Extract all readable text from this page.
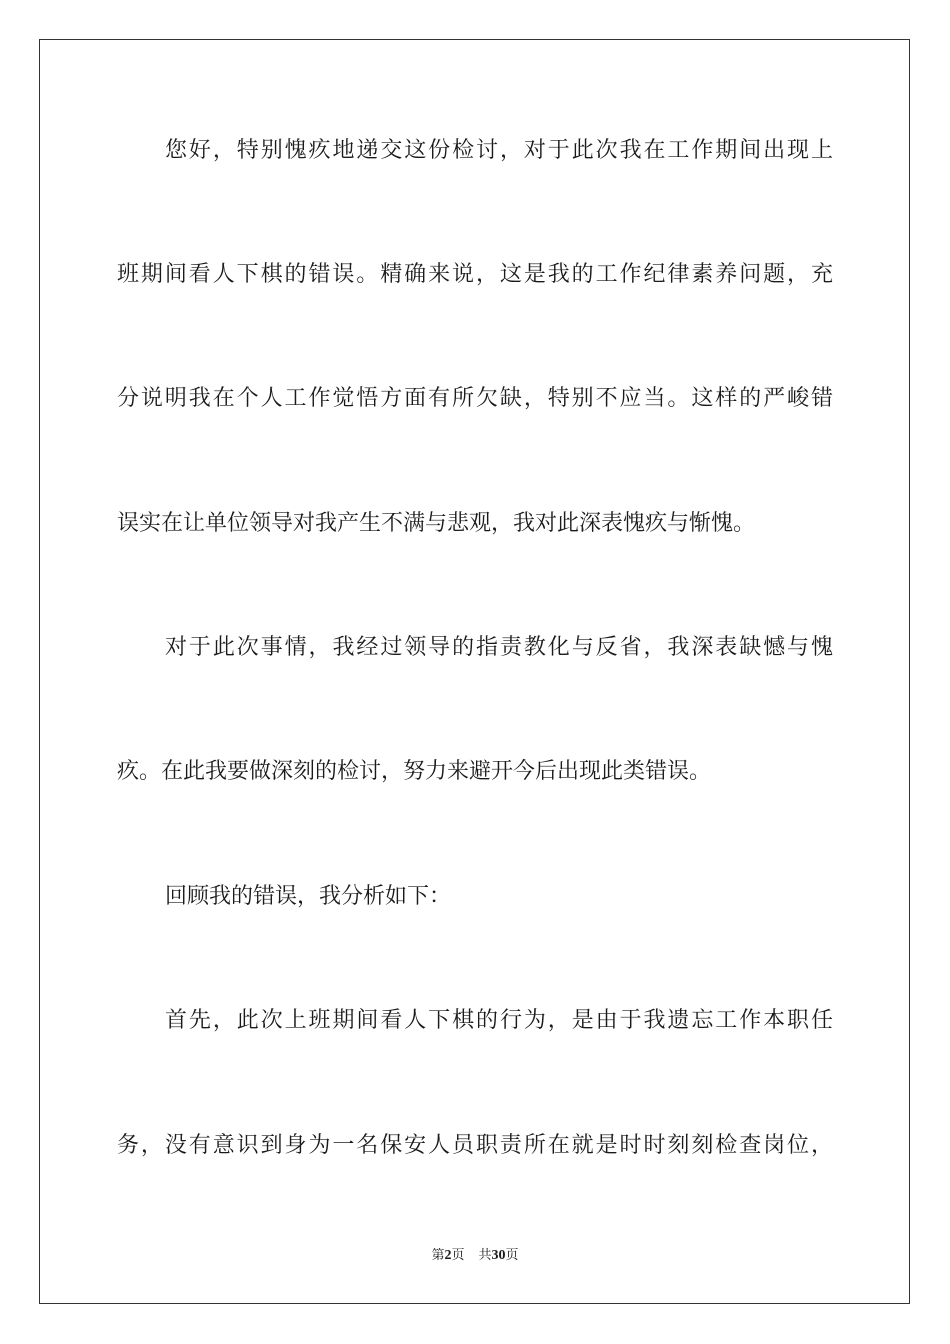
您好，特别愧疚地递交这份检讨，对于此次我在工作期间出现上

班期间看人下棋的错误。精确来说，这是我的工作纪律素养问题，充

分说明我在个人工作觉悟方面有所欠缺，特别不应当。这样的严峻错

误实在让单位领导对我产生不满与悲观，我对此深表愧疚与惭愧。

对于此次事情，我经过领导的指责教化与反省，我深表缺憾与愧

疚。在此我要做深刻的检讨，努力来避开今后出现此类错误。

回顾我的错误，我分析如下：

首先，此次上班期间看人下棋的行为，是由于我遗忘工作本职任

务，没有意识到身为一名保安人员职责所在就是时时刻刻检查岗位，

第2页 共30页
